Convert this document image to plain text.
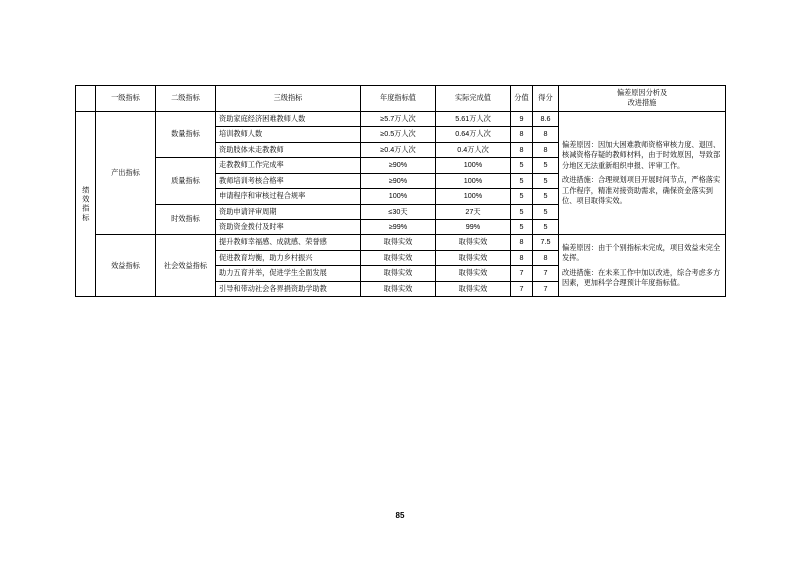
	一级指标	二级指标	三级指标	年度指标值	实际完成值	分值	得分	偏差原因分析及
改进措施

绩效指标	产出指标	数量指标	资助家庭经济困难教师人数	≥5.7万人次	5.61万人次	9	8.6	偏差原因：因加大困难教师资格审核力度、退回、核减资格存疑的教师材料，由于时效原因，导致部分地区无法重新组织申报、评审工作。

改进措施：合理规划项目开展时间节点，严格落实工作程序，精准对接资助需求，确保资金落实到位、项目取得实效。

			培训教师人数	≥0.5万人次	0.64万人次	8	8	
			资助肢体未走教教师	≥0.4万人次	0.4万人次	8	8	
		质量指标	走教教师工作完成率	≥90%	100%	5	5	
			教师培训考核合格率	≥90%	100%	5	5	
			申请程序和审核过程合规率	100%	100%	5	5	
		时效指标	资助申请评审周期	≤30天	27天	5	5	
			资助资金拨付及时率	≥99%	99%	5	5	
	效益指标	社会效益指标	提升教师幸福感、成就感、荣誉感	取得实效	取得实效	8	7.5	偏差原因：由于个别指标未完成，项目效益未完全发挥。

改进措施：在未来工作中加以改进，综合考虑多方因素，更加科学合理预计年度指标值。

			促进教育均衡，助力乡村振兴	取得实效	取得实效	8	8	
			助力五育并举，促进学生全面发展	取得实效	取得实效	7	7	
			引导和带动社会各界捐资助学助教	取得实效	取得实效	7	7	
85
